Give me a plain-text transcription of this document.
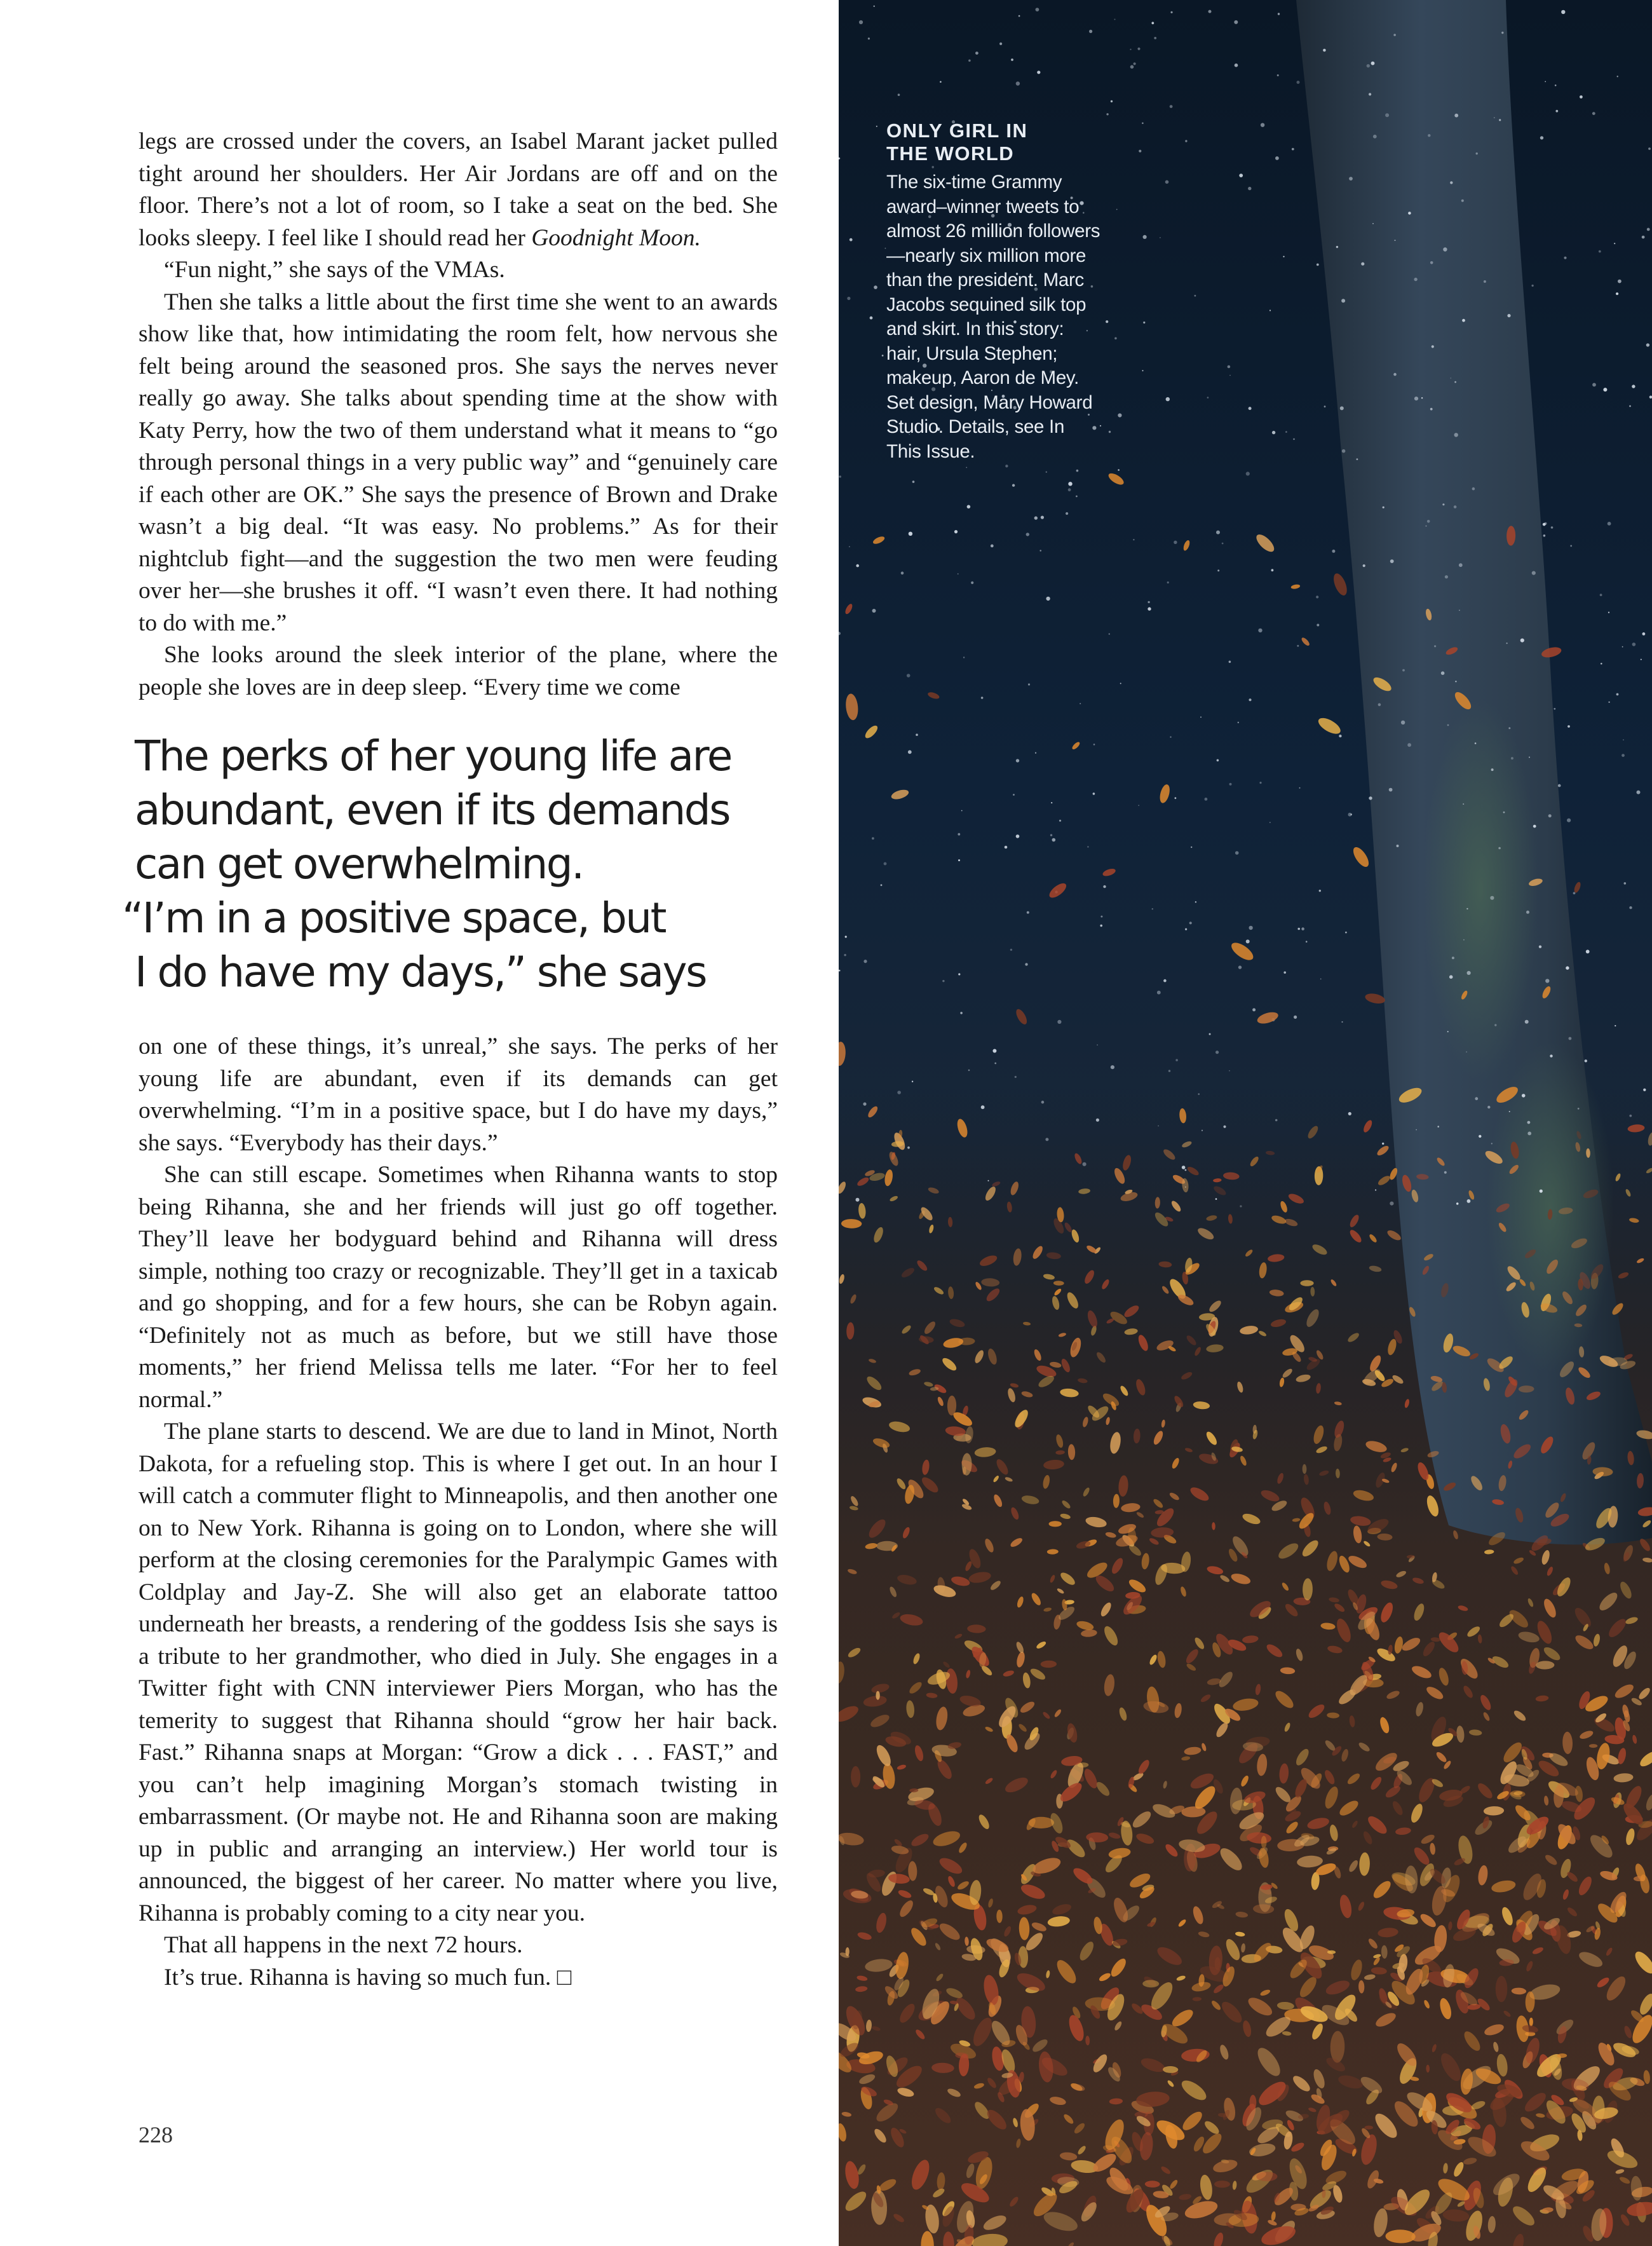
legs are crossed under the covers, an Isabel Marant jacket pulled tight around her shoulders. Her Air Jordans are off and on the floor. There’s not a lot of room, so I take a seat on the bed. She looks sleepy. I feel like I should read her Goodnight Moon.

“Fun night,” she says of the VMAs.

Then she talks a little about the first time she went to an awards show like that, how intimidating the room felt, how nervous she felt being around the seasoned pros. She says the nerves never really go away. She talks about spending time at the show with Katy Perry, how the two of them understand what it means to “go through personal things in a very public way” and “genuinely care if each other are OK.” She says the presence of Brown and Drake wasn’t a big deal. “It was easy. No problems.” As for their nightclub fight—and the suggestion the two men were feuding over her—she brushes it off. “I wasn’t even there. It had nothing to do with me.”

She looks around the sleek interior of the plane, where the people she loves are in deep sleep. “Every time we come

The perks of her young life are
abundant, even if its demands
can get overwhelming.
“I’m in a positive space, but
I do have my days,” she says

on one of these things, it’s unreal,” she says. The perks of her young life are abundant, even if its demands can get overwhelming. “I’m in a positive space, but I do have my days,” she says. “Everybody has their days.”

She can still escape. Sometimes when Rihanna wants to stop being Rihanna, she and her friends will just go off together. They’ll leave her bodyguard behind and Rihanna will dress simple, nothing too crazy or recognizable. They’ll get in a taxicab and go shopping, and for a few hours, she can be Robyn again. “Definitely not as much as before, but we still have those moments,” her friend Melissa tells me later. “For her to feel normal.”

The plane starts to descend. We are due to land in Minot, North Dakota, for a refueling stop. This is where I get out. In an hour I will catch a commuter flight to Minneapolis, and then another one on to New York. Rihanna is going on to London, where she will perform at the closing ceremonies for the Paralympic Games with Coldplay and Jay-Z. She will also get an elaborate tattoo underneath her breasts, a rendering of the goddess Isis she says is a tribute to her grandmother, who died in July. She engages in a Twitter fight with CNN interviewer Piers Morgan, who has the temerity to suggest that Rihanna should “grow her hair back. Fast.” Rihanna snaps at Morgan: “Grow a dick . . . FAST,” and you can’t help imagining Morgan’s stomach twisting in embarrassment. (Or maybe not. He and Rihanna soon are making up in public and arranging an interview.) Her world tour is announced, the biggest of her career. No matter where you live, Rihanna is probably coming to a city near you.

That all happens in the next 72 hours.

It’s true. Rihanna is having so much fun. □

228
ONLY GIRL IN
THE WORLD

The six-time Grammy award–winner tweets to almost 26 million followers—nearly six million more than the president. Marc Jacobs sequined silk top and skirt. In this story: hair, Ursula Stephen; makeup, Aaron de Mey. Set design, Mary Howard Studio. Details, see In This Issue.
